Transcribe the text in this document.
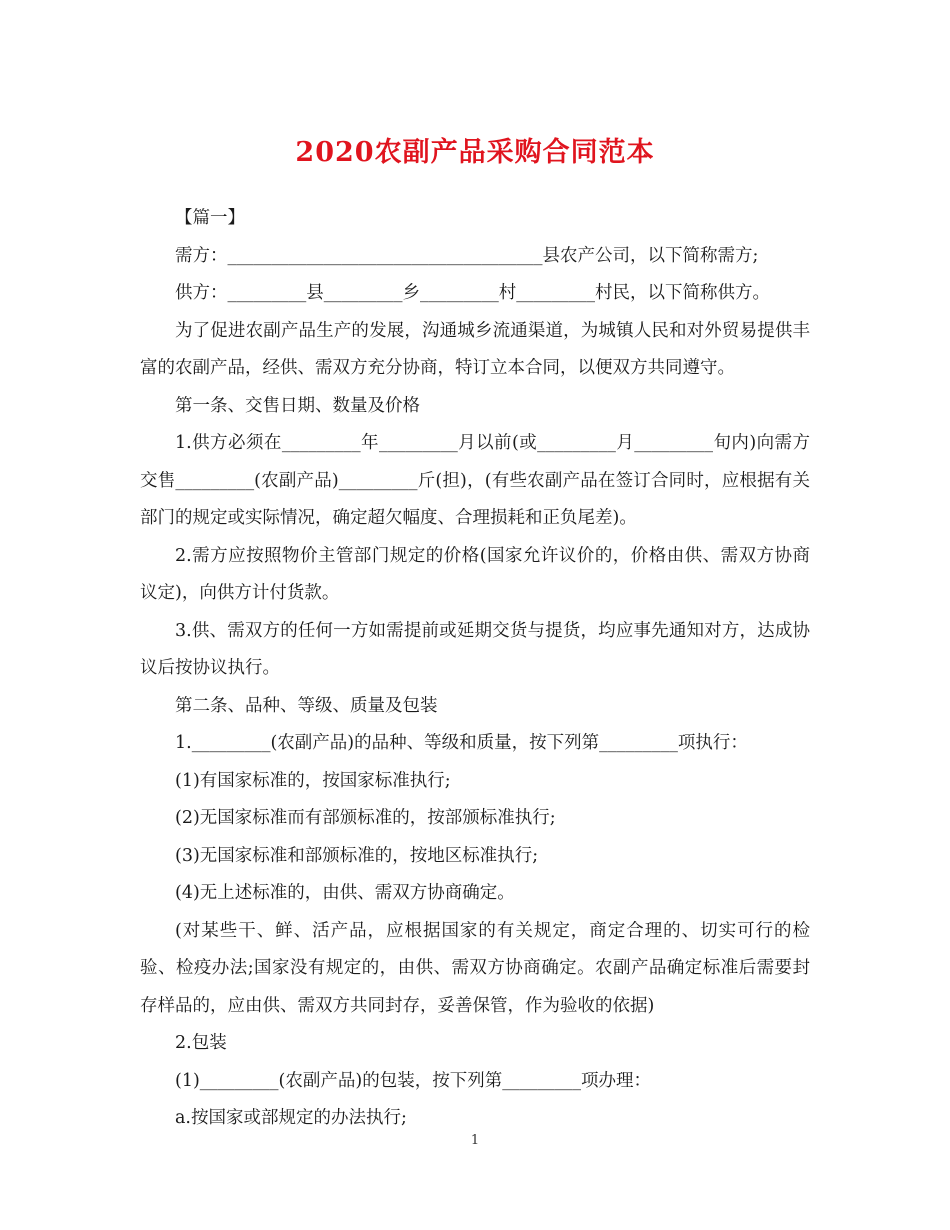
2020农副产品采购合同范本

【篇一】

需方：____________________________________县农产公司，以下简称需方;

供方：_________县_________乡_________村_________村民，以下简称供方。

为了促进农副产品生产的发展，沟通城乡流通渠道，为城镇人民和对外贸易提供丰富的农副产品，经供、需双方充分协商，特订立本合同，以便双方共同遵守。

第一条、交售日期、数量及价格

1.供方必须在_________年_________月以前(或_________月_________旬内)向需方交售_________(农副产品)_________斤(担)，(有些农副产品在签订合同时，应根据有关部门的规定或实际情况，确定超欠幅度、合理损耗和正负尾差)。

2.需方应按照物价主管部门规定的价格(国家允许议价的，价格由供、需双方协商议定)，向供方计付货款。

3.供、需双方的任何一方如需提前或延期交货与提货，均应事先通知对方，达成协议后按协议执行。

第二条、品种、等级、质量及包装

1._________(农副产品)的品种、等级和质量，按下列第_________项执行：

(1)有国家标准的，按国家标准执行;

(2)无国家标准而有部颁标准的，按部颁标准执行;

(3)无国家标准和部颁标准的，按地区标准执行;

(4)无上述标准的，由供、需双方协商确定。

(对某些干、鲜、活产品，应根据国家的有关规定，商定合理的、切实可行的检验、检疫办法;国家没有规定的，由供、需双方协商确定。农副产品确定标准后需要封存样品的，应由供、需双方共同封存，妥善保管，作为验收的依据)

2.包装

(1)_________(农副产品)的包装，按下列第_________项办理：

a.按国家或部规定的办法执行;

1
